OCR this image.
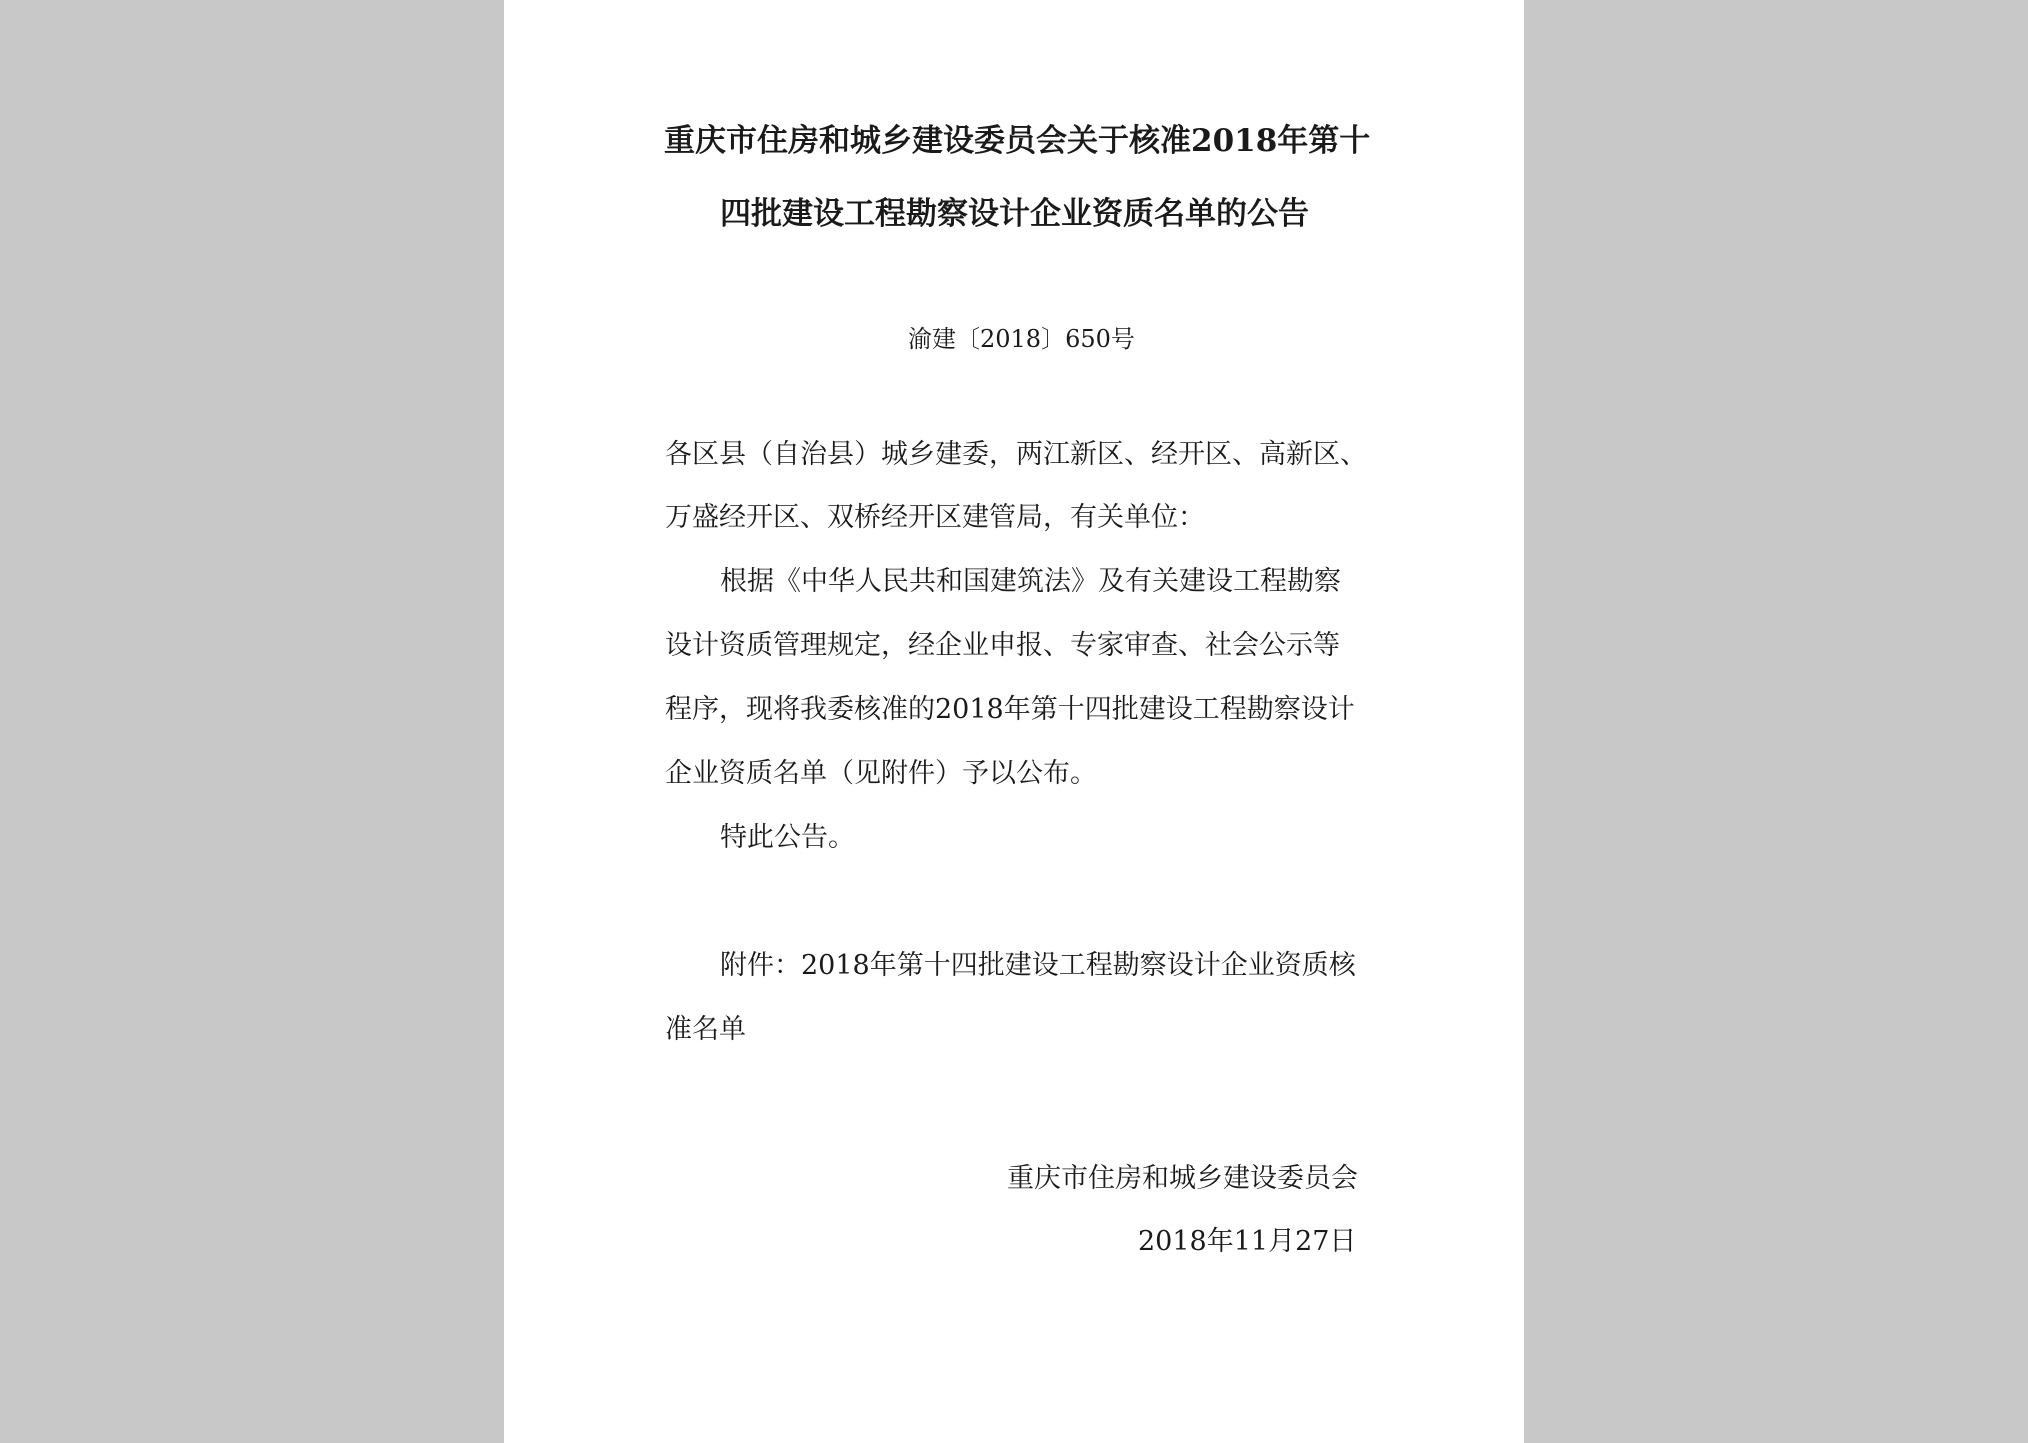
重庆市住房和城乡建设委员会关于核准2018年第十
四批建设工程勘察设计企业资质名单的公告
渝建〔2018〕650号
各区县（自治县）城乡建委，两江新区、经开区、高新区、
万盛经开区、双桥经开区建管局，有关单位：
根据《中华人民共和国建筑法》及有关建设工程勘察
设计资质管理规定，经企业申报、专家审查、社会公示等
程序，现将我委核准的2018年第十四批建设工程勘察设计
企业资质名单（见附件）予以公布。
特此公告。
附件：2018年第十四批建设工程勘察设计企业资质核
准名单
重庆市住房和城乡建设委员会
2018年11月27日
